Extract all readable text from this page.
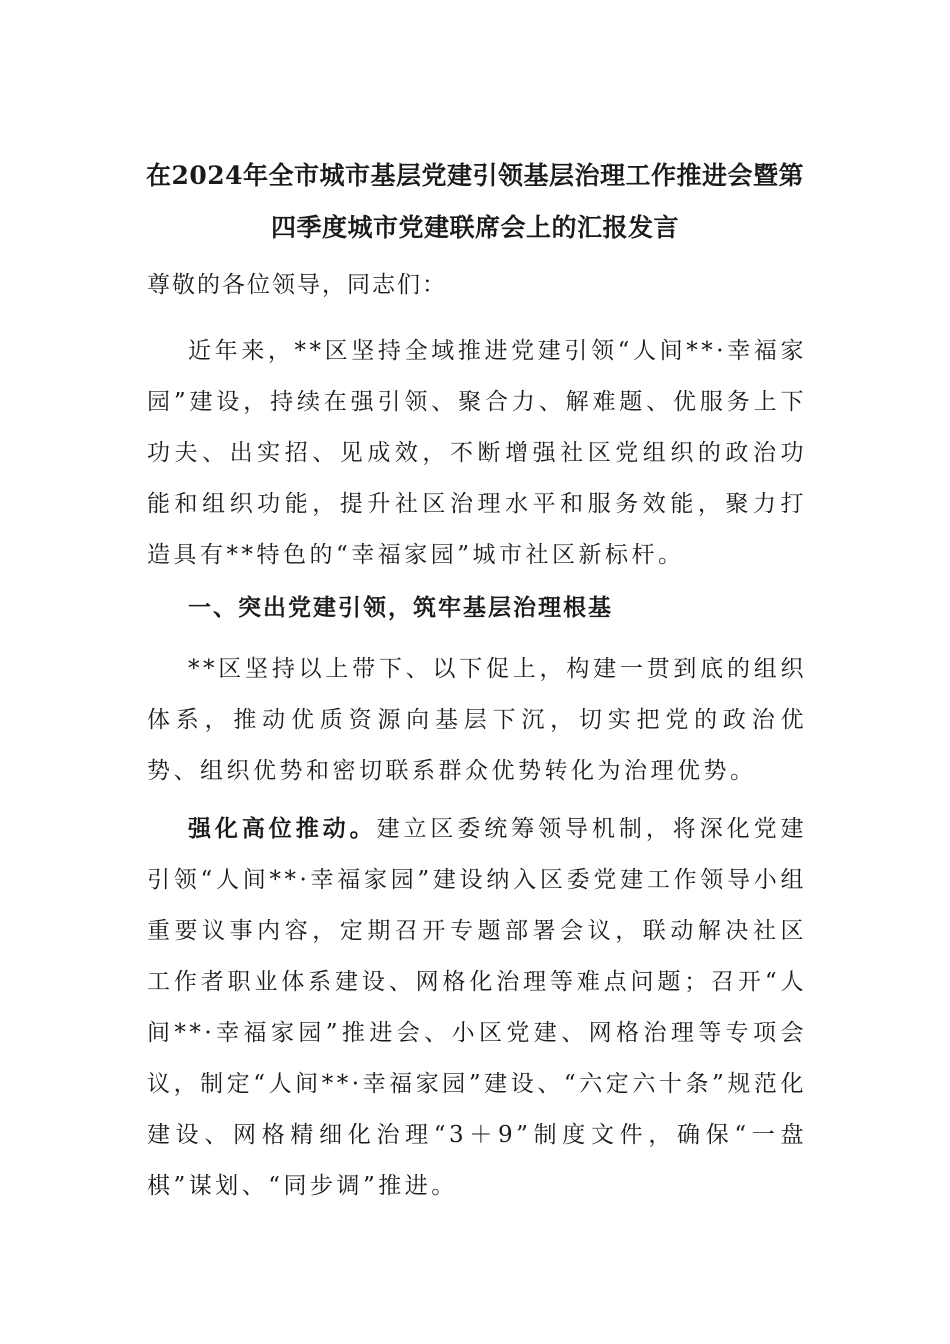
在2024年全市城市基层党建引领基层治理工作推进会暨第
四季度城市党建联席会上的汇报发言

尊敬的各位领导，同志们：

近年来，**区坚持全域推进党建引领“人间**·幸福家园”建设，持续在强引领、聚合力、解难题、优服务上下功夫、出实招、见成效，不断增强社区党组织的政治功能和组织功能，提升社区治理水平和服务效能，聚力打造具有**特色的“幸福家园”城市社区新标杆。

一、突出党建引领，筑牢基层治理根基

**区坚持以上带下、以下促上，构建一贯到底的组织体系，推动优质资源向基层下沉，切实把党的政治优势、组织优势和密切联系群众优势转化为治理优势。

强化高位推动。建立区委统筹领导机制，将深化党建引领“人间**·幸福家园”建设纳入区委党建工作领导小组重要议事内容，定期召开专题部署会议，联动解决社区工作者职业体系建设、网格化治理等难点问题；召开“人间**·幸福家园”推进会、小区党建、网格治理等专项会议，制定“人间**·幸福家园”建设、“六定六十条”规范化建设、网格精细化治理“3＋9”制度文件，确保“一盘棋”谋划、“同步调”推进。
